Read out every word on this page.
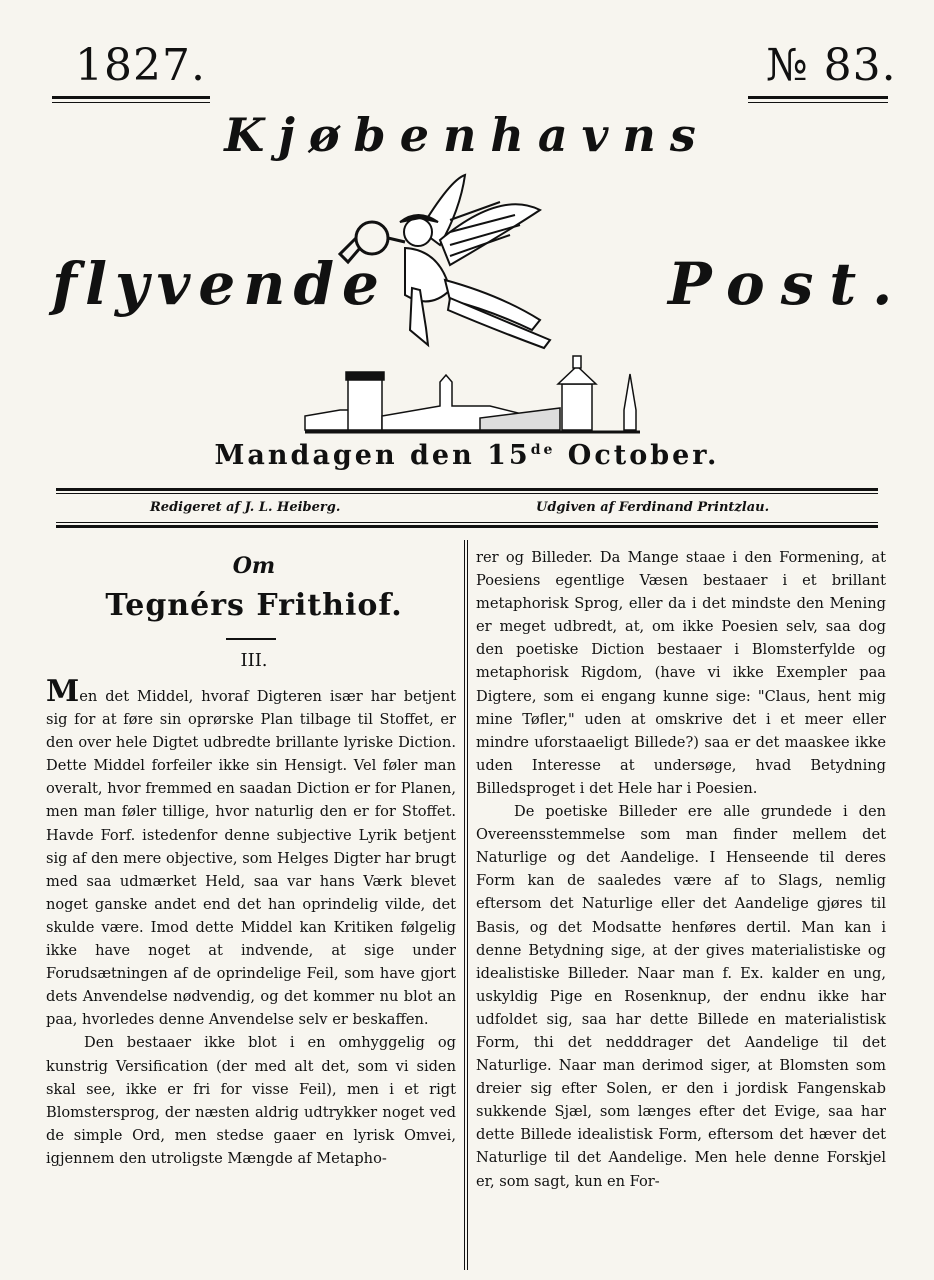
1827.	№ 83.
Kjøbenhavns
flyvende	Post.
Mandagen den 15de October.
Redigeret af J. L. Heiberg.	Udgiven af Ferdinand Printzlau.
Om
Tegnérs Frithiof.
III.

Men det Middel, hvoraf Digteren især har betjent sig for at føre sin oprørske Plan tilbage til Stoffet, er den over hele Digtet udbredte brillante lyriske Diction. Dette Middel forfeiler ikke sin Hensigt. Vel føler man overalt, hvor fremmed en saadan Diction er for Planen, men man føler tillige, hvor naturlig den er for Stoffet. Havde Forf. istedenfor denne subjective Lyrik betjent sig af den mere objective, som Helges Digter har brugt med saa udmærket Held, saa var hans Værk blevet noget ganske andet end det han oprindelig vilde, det skulde være. Imod dette Middel kan Kritiken følgelig ikke have noget at indvende, at sige under Forudsætningen af de oprindelige Feil, som have gjort dets Anvendelse nødvendig, og det kommer nu blot an paa, hvorledes denne Anvendelse selv er beskaffen.

Den bestaaer ikke blot i en omhyggelig og kunstrig Versification (der med alt det, som vi siden skal see, ikke er fri for visse Feil), men i et rigt Blomstersprog, der næsten aldrig udtrykker noget ved de simple Ord, men stedse gaaer en lyrisk Omvei, igjennem den utroligste Mængde af Metapho-

rer og Billeder. Da Mange staae i den Formening, at Poesiens egentlige Væsen bestaaer i et brillant metaphorisk Sprog, eller da i det mindste den Mening er meget udbredt, at, om ikke Poesien selv, saa dog den poetiske Diction bestaaer i Blomsterfylde og metaphorisk Rigdom, (have vi ikke Exempler paa Digtere, som ei engang kunne sige: "Claus, hent mig mine Tøfler," uden at omskrive det i et meer eller mindre uforstaaeligt Billede?) saa er det maaskee ikke uden Interesse at undersøge, hvad Betydning Billedsproget i det Hele har i Poesien.

De poetiske Billeder ere alle grundede i den Overeensstemmelse som man finder mellem det Naturlige og det Aandelige. I Henseende til deres Form kan de saaledes være af to Slags, nemlig eftersom det Naturlige eller det Aandelige gjøres til Basis, og det Modsatte henføres dertil. Man kan i denne Betydning sige, at der gives materialistiske og idealistiske Billeder. Naar man f. Ex. kalder en ung, uskyldig Pige en Rosenknup, der endnu ikke har udfoldet sig, saa har dette Billede en materialistisk Form, thi det nedddrager det Aandelige til det Naturlige. Naar man derimod siger, at Blomsten som dreier sig efter Solen, er den i jordisk Fangenskab sukkende Sjæl, som længes efter det Evige, saa har dette Billede idealistisk Form, eftersom det hæver det Naturlige til det Aandelige. Men hele denne Forskjel er, som sagt, kun en For-
